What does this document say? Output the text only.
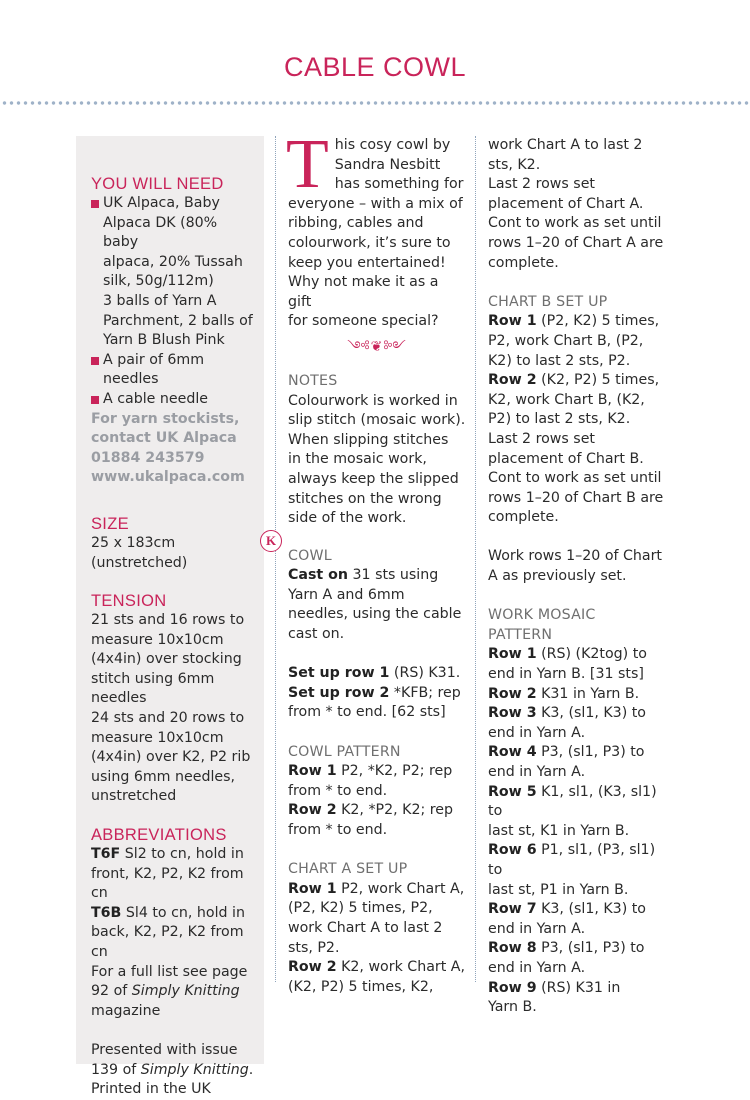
CABLE COWL
YOU WILL NEED
UK Alpaca, Baby
Alpaca DK (80% baby
alpaca, 20% Tussah
silk, 50g/112m)
3 balls of Yarn A
Parchment, 2 balls of
Yarn B Blush Pink
A pair of 6mm
needles
A cable needle
For yarn stockists,
contact UK Alpaca
01884 243579
www.ukalpaca.com
SIZE
25 x 183cm
(unstretched)
TENSION
21 sts and 16 rows to
measure 10x10cm
(4x4in) over stocking
stitch using 6mm
needles
24 sts and 20 rows to
measure 10x10cm
(4x4in) over K2, P2 rib
using 6mm needles,
unstretched
ABBREVIATIONS
T6F Sl2 to cn, hold in
front, K2, P2, K2 from cn
T6B Sl4 to cn, hold in
back, K2, P2, K2 from cn
For a full list see page
92 of Simply Knitting
magazine
Presented with issue
139 of Simply Knitting.
Printed in the UK
T his cosy cowl by
Sandra Nesbitt
has something for
everyone – with a mix of
ribbing, cables and
colourwork, it’s sure to
keep you entertained!
Why not make it as a gift
for someone special?
༺❦༻
NOTES
Colourwork is worked in
slip stitch (mosaic work).
When slipping stitches
in the mosaic work,
always keep the slipped
stitches on the wrong
side of the work.
COWL
Cast on 31 sts using
Yarn A and 6mm
needles, using the cable
cast on.
Set up row 1 (RS) K31.
Set up row 2 *KFB; rep
from * to end. [62 sts]
COWL PATTERN
Row 1 P2, *K2, P2; rep
from * to end.
Row 2 K2, *P2, K2; rep
from * to end.
CHART A SET UP
Row 1 P2, work Chart A,
(P2, K2) 5 times, P2,
work Chart A to last 2
sts, P2.
Row 2 K2, work Chart A,
(K2, P2) 5 times, K2,
K
work Chart A to last 2
sts, K2.
Last 2 rows set
placement of Chart A.
Cont to work as set until
rows 1–20 of Chart A are
complete.
CHART B SET UP
Row 1 (P2, K2) 5 times,
P2, work Chart B, (P2,
K2) to last 2 sts, P2.
Row 2 (K2, P2) 5 times,
K2, work Chart B, (K2,
P2) to last 2 sts, K2.
Last 2 rows set
placement of Chart B.
Cont to work as set until
rows 1–20 of Chart B are
complete.
Work rows 1–20 of Chart
A as previously set.
WORK MOSAIC
PATTERN
Row 1 (RS) (K2tog) to
end in Yarn B. [31 sts]
Row 2 K31 in Yarn B.
Row 3 K3, (sl1, K3) to
end in Yarn A.
Row 4 P3, (sl1, P3) to
end in Yarn A.
Row 5 K1, sl1, (K3, sl1) to
last st, K1 in Yarn B.
Row 6 P1, sl1, (P3, sl1) to
last st, P1 in Yarn B.
Row 7 K3, (sl1, K3) to
end in Yarn A.
Row 8 P3, (sl1, P3) to
end in Yarn A.
Row 9 (RS) K31 in
Yarn B.
